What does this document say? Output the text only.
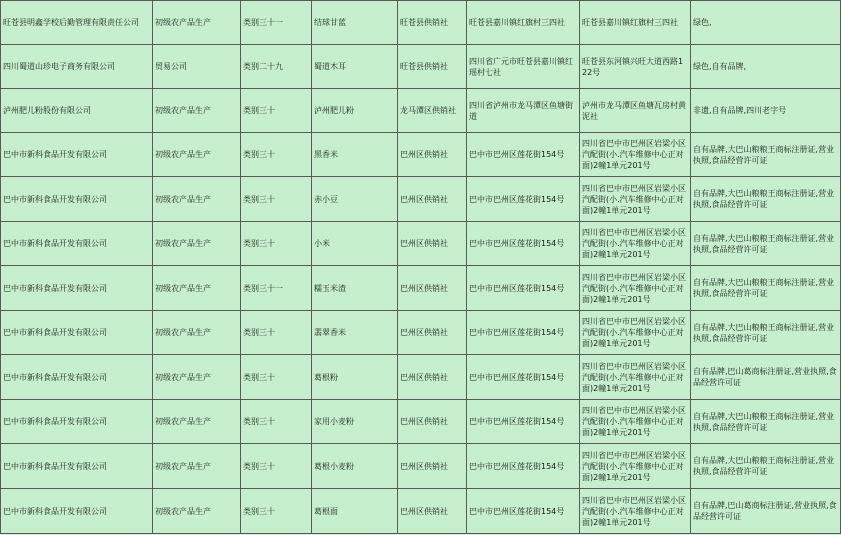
旺苍县明鑫学校后勤管理有限责任公司	初级农产品生产	类别三十一	结球甘蓝	旺苍县供销社	旺苍县嘉川镇红旗村三四社	旺苍县嘉川镇红旗村三四社	绿色,
四川蜀道山珍电子商务有限公司	贸易公司	类别二十九	蜀道木耳	旺苍县供销社	四川省广元市旺苍县嘉川镇红瑶村七社	旺苍县东河镇兴旺大道西路122号	绿色,自有品牌,
泸州肥儿粉股份有限公司	初级农产品生产	类别三十	泸州肥儿粉	龙马潭区供销社	四川省泸州市龙马潭区鱼塘街道	泸州市龙马潭区鱼塘瓦房村黄泥社	非遗,自有品牌,四川老字号
巴中市新科食品开发有限公司	初级农产品生产	类别三十	黑香米	巴州区供销社	巴中市巴州区莲花街154号	四川省巴中市巴州区岩梁小区汽配街(小.汽车维修中心正对面)2幢1单元201号	自有品牌,大巴山粮粮王商标注册证,营业执照,食品经营许可证
巴中市新科食品开发有限公司	初级农产品生产	类别三十	赤小豆	巴州区供销社	巴中市巴州区莲花街154号	四川省巴中市巴州区岩梁小区汽配街(小.汽车维修中心正对面)2幢1单元201号	自有品牌,大巴山粮粮王商标注册证,营业执照,食品经营许可证
巴中市新科食品开发有限公司	初级农产品生产	类别三十	小米	巴州区供销社	巴中市巴州区莲花街154号	四川省巴中市巴州区岩梁小区汽配街(小.汽车维修中心正对面)2幢1单元201号	自有品牌,大巴山粮粮王商标注册证,营业执照,食品经营许可证
巴中市新科食品开发有限公司	初级农产品生产	类别三十一	糯玉米渣	巴州区供销社	巴中市巴州区莲花街154号	四川省巴中市巴州区岩梁小区汽配街(小.汽车维修中心正对面)2幢1单元201号	自有品牌,大巴山粮粮王商标注册证,营业执照,食品经营许可证
巴中市新科食品开发有限公司	初级农产品生产	类别三十	翡翠香米	巴州区供销社	巴中市巴州区莲花街154号	四川省巴中市巴州区岩梁小区汽配街(小.汽车维修中心正对面)2幢1单元201号	自有品牌,大巴山粮粮王商标注册证,营业执照,食品经营许可证
巴中市新科食品开发有限公司	初级农产品生产	类别三十	葛根粉	巴州区供销社	巴中市巴州区莲花街154号	四川省巴中市巴州区岩梁小区汽配街(小.汽车维修中心正对面)2幢1单元201号	自有品牌,巴山葛商标注册证,营业执照,食品经营许可证
巴中市新科食品开发有限公司	初级农产品生产	类别三十	家用小麦粉	巴州区供销社	巴中市巴州区莲花街154号	四川省巴中市巴州区岩梁小区汽配街(小.汽车维修中心正对面)2幢1单元201号	自有品牌,大巴山粮粮王商标注册证,营业执照,食品经营许可证
巴中市新科食品开发有限公司	初级农产品生产	类别三十	葛根小麦粉	巴州区供销社	巴中市巴州区莲花街154号	四川省巴中市巴州区岩梁小区汽配街(小.汽车维修中心正对面)2幢1单元201号	自有品牌,大巴山粮粮王商标注册证,营业执照,食品经营许可证
巴中市新科食品开发有限公司	初级农产品生产	类别三十	葛根面	巴州区供销社	巴中市巴州区莲花街154号	四川省巴中市巴州区岩梁小区汽配街(小.汽车维修中心正对面)2幢1单元201号	自有品牌,巴山葛商标注册证,营业执照,食品经营许可证
